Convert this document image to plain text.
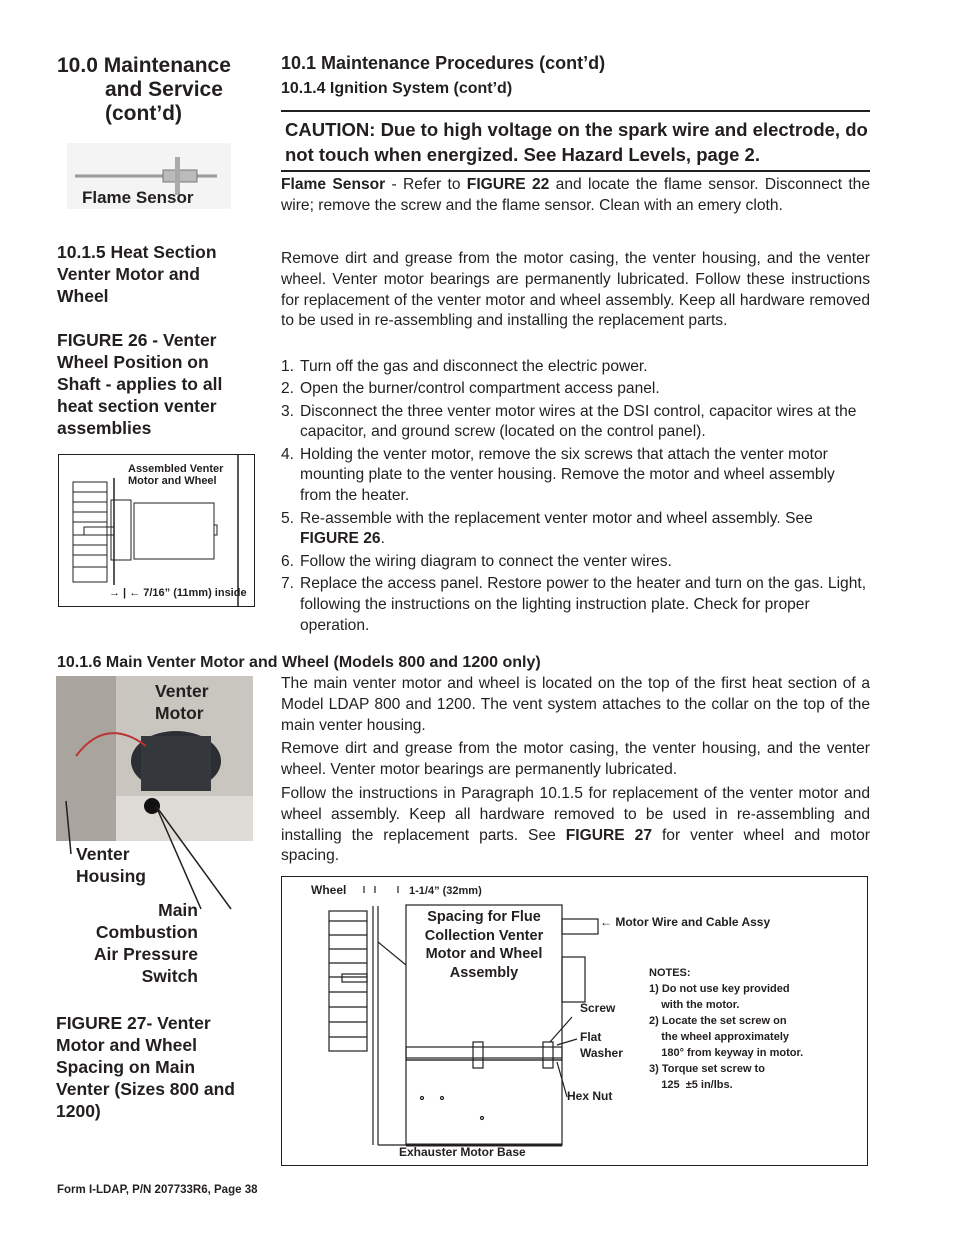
10.0 Maintenance
and Service
(cont’d)
Flame Sensor
10.1.5 Heat Section
Venter Motor and
Wheel
FIGURE 26 - Venter
Wheel Position on
Shaft - applies to all
heat section venter
assemblies
Assembled Venter
Motor and Wheel
→ | ← 7/16” (11mm) inside
Venter
Motor
Venter
Housing
Main
Combustion
Air Pressure
Switch
FIGURE 27- Venter
Motor and Wheel
Spacing on Main
Venter (Sizes 800 and
1200)
10.1 Maintenance Procedures (cont’d)
10.1.4 Ignition System (cont’d)
CAUTION: Due to high voltage on the spark wire and electrode, do not touch when energized. See Hazard Levels, page 2.
Flame Sensor - Refer to FIGURE 22 and locate the flame sensor. Disconnect the wire; remove the screw and the flame sensor. Clean with an emery cloth.
Remove dirt and grease from the motor casing, the venter housing, and the venter wheel. Venter motor bearings are permanently lubricated. Follow these instructions for replacement of the venter motor and wheel assembly. Keep all hardware removed to be used in re-assembling and installing the replacement parts.
1. Turn off the gas and disconnect the electric power.
2. Open the burner/control compartment access panel.
3. Disconnect the three venter motor wires at the DSI control, capacitor wires at the capacitor, and ground screw (located on the control panel).
4. Holding the venter motor, remove the six screws that attach the venter motor mounting plate to the venter housing. Remove the motor and wheel assembly from the heater.
5. Re-assemble with the replacement venter motor and wheel assembly. See FIGURE 26.
6. Follow the wiring diagram to connect the venter wires.
7. Replace the access panel. Restore power to the heater and turn on the gas. Light, following the instructions on the lighting instruction plate. Check for proper operation.
10.1.6 Main Venter Motor and Wheel (Models 800 and 1200 only)
The main venter motor and wheel is located on the top of the first heat section of a Model LDAP 800 and 1200. The vent system attaches to the collar on the top of the main venter housing.
Remove dirt and grease from the motor casing, the venter housing, and the venter wheel. Venter motor bearings are permanently lubricated.
Follow the instructions in Paragraph 10.1.5 for replacement of the venter motor and wheel assembly. Keep all hardware removed to be used in re-assembling and installing the replacement parts. See FIGURE 27 for venter wheel and motor spacing.
Wheel	1-1/4” (32mm)
Spacing for Flue
Collection Venter
Motor and Wheel
Assembly
← Motor Wire and Cable Assy
Screw
Flat
Washer
Hex Nut
Exhauster Motor Base
NOTES:
1) Do not use key provided
with the motor.
2) Locate the set screw on
the wheel approximately
180° from keyway in motor.
3) Torque set screw to
125  ±5 in/lbs.
Form I-LDAP, P/N 207733R6, Page 38
